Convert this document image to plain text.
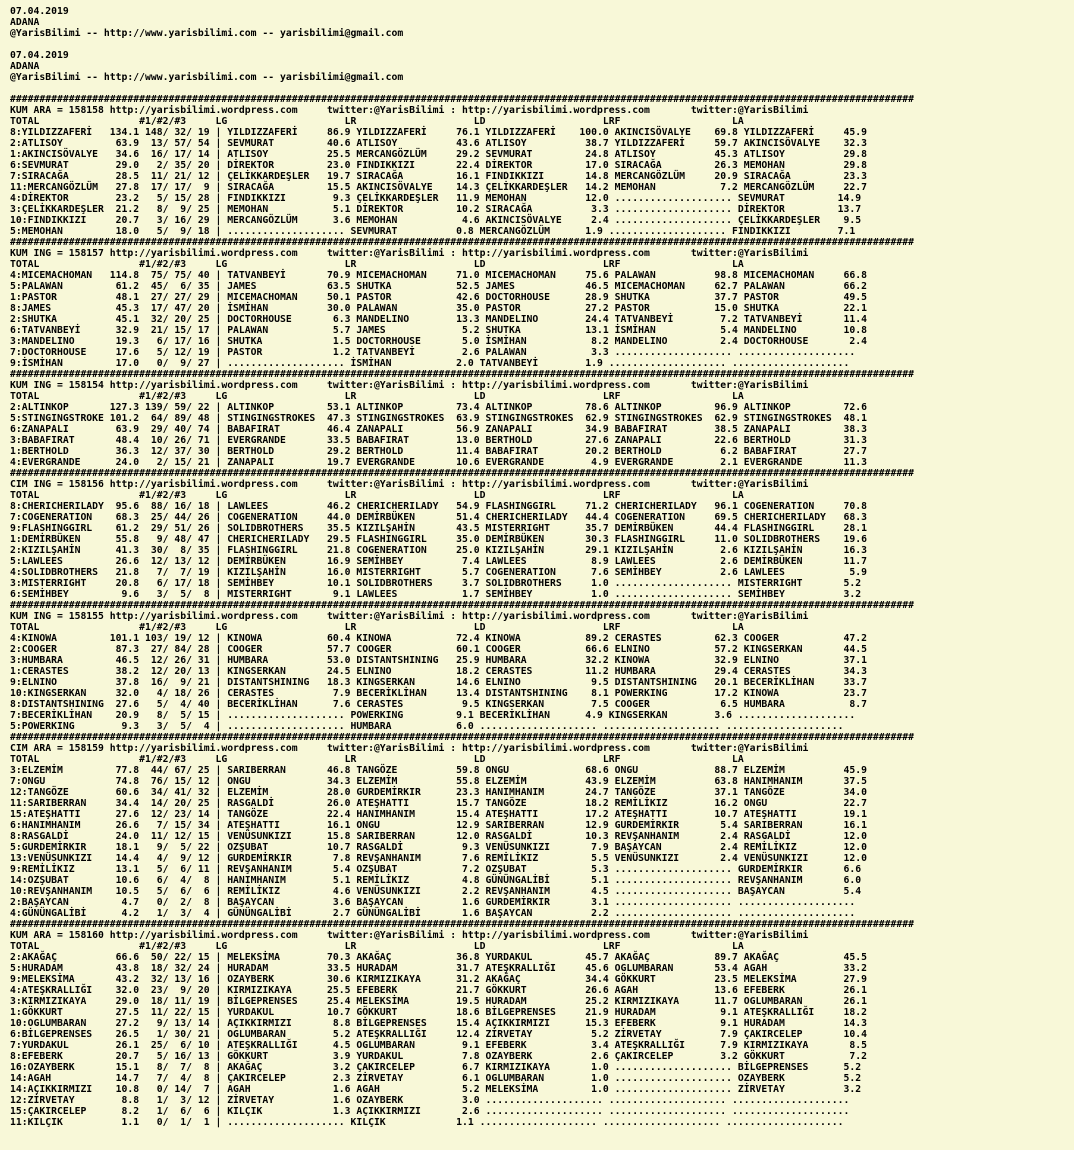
07.04.2019
ADANA
@YarisBilimi -- http://www.yarisbilimi.com -- yarisbilimi@gmail.com
07.04.2019
ADANA
@YarisBilimi -- http://www.yarisbilimi.com -- yarisbilimi@gmail.com
##########################################################################################################################################################
KUM ARA = 158158 http://yarisbilimi.wordpress.com     twitter:@YarisBilimi : http://yarisbilimi.wordpress.com       twitter:@YarisBilimi
TOTAL                 #1/#2/#3     LG                    LR                    LD                    LRF                   LA
8:YILDIZZAFERİ   134.1 148/ 32/ 19 | YILDIZZAFERİ     86.9 YILDIZZAFERİ     76.1 YILDIZZAFERİ    100.0 AKINCISÖVALYE    69.8 YILDIZZAFERİ     45.9
2:ATLISOY         63.9  13/ 57/ 54 | SEVMURAT         40.6 ATLISOY          43.6 ATLISOY          38.7 YILDIZZAFERİ     59.7 AKINCISÖVALYE    32.3
1:AKINCISÖVALYE   34.6  16/ 17/ 14 | ATLISOY          25.5 MERCANGÖZLÜM     29.2 SEVMURAT         24.8 ATLISOY          45.3 ATLISOY          29.8
6:SEVMURAT        29.0   2/ 35/ 20 | DİREKTOR         23.0 FINDIKKIZI       22.4 DİREKTOR         17.0 SIRACAĞA         26.3 MEMOHAN          29.8
7:SIRACAĞA        28.5  11/ 21/ 12 | ÇELİKKARDEŞLER   19.7 SIRACAĞA         16.1 FINDIKKIZI       14.8 MERCANGÖZLÜM     20.9 SIRACAĞA         23.3
11:MERCANGÖZLÜM   27.8  17/ 17/  9 | SIRACAĞA         15.5 AKINCISÖVALYE    14.3 ÇELİKKARDEŞLER   14.2 MEMOHAN           7.2 MERCANGÖZLÜM     22.7
4:DİREKTOR        23.2   5/ 15/ 28 | FINDIKKIZI        9.3 ÇELİKKARDEŞLER   11.9 MEMOHAN          12.0 .................... SEVMURAT         14.9
3:ÇELİKKARDEŞLER  21.2   8/  9/ 25 | MEMOHAN           5.1 DİREKTOR         10.2 SIRACAĞA          3.3 .................... DİREKTOR         13.7
10:FINDIKKIZI     20.7   3/ 16/ 29 | MERCANGÖZLÜM      3.6 MEMOHAN           4.6 AKINCISÖVALYE     2.4 .................... ÇELİKKARDEŞLER    9.5
5:MEMOHAN         18.0   5/  9/ 18 | .................... SEVMURAT          0.8 MERCANGÖZLÜM      1.9 .................... FINDIKKIZI        7.1
##########################################################################################################################################################
KUM ING = 158157 http://yarisbilimi.wordpress.com     twitter:@YarisBilimi : http://yarisbilimi.wordpress.com       twitter:@YarisBilimi
TOTAL                 #1/#2/#3     LG                    LR                    LD                    LRF                   LA
4:MICEMACHOMAN   114.8  75/ 75/ 40 | TATVANBEYİ       70.9 MICEMACHOMAN     71.0 MICEMACHOMAN     75.6 PALAWAN          98.8 MICEMACHOMAN     66.8
5:PALAWAN         61.2  45/  6/ 35 | JAMES            63.5 SHUTKA           52.5 JAMES            46.5 MICEMACHOMAN     62.7 PALAWAN          66.2
1:PASTOR          48.1  27/ 27/ 29 | MICEMACHOMAN     50.1 PASTOR           42.6 DOCTORHOUSE      28.9 SHUTKA           37.7 PASTOR           49.5
8:JAMES           45.3  17/ 47/ 20 | İSMİHAN          30.0 PALAWAN          35.0 PASTOR           27.2 PASTOR           15.0 SHUTKA           22.1
2:SHUTKA          45.1  32/ 20/ 25 | DOCTORHOUSE       6.3 MANDELINO        13.3 MANDELINO        24.4 TATVANBEYİ        7.2 TATVANBEYİ       11.4
6:TATVANBEYİ      32.9  21/ 15/ 17 | PALAWAN           5.7 JAMES             5.2 SHUTKA           13.1 İSMİHAN           5.4 MANDELINO        10.8
3:MANDELINO       19.3   6/ 17/ 16 | SHUTKA            1.5 DOCTORHOUSE       5.0 İSMİHAN           8.2 MANDELINO         2.4 DOCTORHOUSE       2.4
7:DOCTORHOUSE     17.6   5/ 12/ 19 | PASTOR            1.2 TATVANBEYİ        2.6 PALAWAN           3.3 .................... ....................
9:İSMİHAN         17.0   0/  9/ 27 | .................... İSMİHAN           2.0 TATVANBEYİ        1.9 .................... ....................
##########################################################################################################################################################
KUM ING = 158154 http://yarisbilimi.wordpress.com     twitter:@YarisBilimi : http://yarisbilimi.wordpress.com       twitter:@YarisBilimi
TOTAL                 #1/#2/#3     LG                    LR                    LD                    LRF                   LA
2:ALTINKOP       127.3 139/ 59/ 22 | ALTINKOP         53.1 ALTINKOP         73.4 ALTINKOP         78.6 ALTINKOP         96.9 ALTINKOP         72.6
5:STINGINGSTROKE 101.2  64/ 89/ 48 | STINGINGSTROKES  47.3 STINGINGSTROKES  63.9 STINGINGSTROKES  62.9 STINGINGSTROKES  62.9 STINGINGSTROKES  48.1
6:ZANAPALI        63.9  29/ 40/ 74 | BABAFIRAT        46.4 ZANAPALI         56.9 ZANAPALI         34.9 BABAFIRAT        38.5 ZANAPALI         38.3
3:BABAFIRAT       48.4  10/ 26/ 71 | EVERGRANDE       33.5 BABAFIRAT        13.0 BERTHOLD         27.6 ZANAPALI         22.6 BERTHOLD         31.3
1:BERTHOLD        36.3  12/ 37/ 30 | BERTHOLD         29.2 BERTHOLD         11.4 BABAFIRAT        20.2 BERTHOLD          6.2 BABAFIRAT        27.7
4:EVERGRANDE      24.0   2/ 15/ 21 | ZANAPALI         19.7 EVERGRANDE       10.6 EVERGRANDE        4.9 EVERGRANDE        2.1 EVERGRANDE       11.3
##########################################################################################################################################################
CIM ING = 158156 http://yarisbilimi.wordpress.com     twitter:@YarisBilimi : http://yarisbilimi.wordpress.com       twitter:@YarisBilimi
TOTAL                 #1/#2/#3     LG                    LR                    LD                    LRF                   LA
8:CHERICHERILADY  95.6  88/ 16/ 18 | LAWLEES          46.2 CHERICHERILADY   54.9 FLASHINGGIRL     71.2 CHERICHERILADY   96.1 COGENERATION     70.8
7:COGENERATION    68.3  25/ 44/ 26 | COGENERATION     44.0 DEMİRBÜKEN       51.4 CHERICHERILADY   44.4 COGENERATION     69.5 CHERICHERILADY   68.3
9:FLASHINGGIRL    61.2  29/ 51/ 26 | SOLIDBROTHERS    35.5 KIZILŞAHİN       43.5 MISTERRIGHT      35.7 DEMİRBÜKEN       44.4 FLASHINGGIRL     28.1
1:DEMİRBÜKEN      55.8   9/ 48/ 47 | CHERICHERILADY   29.5 FLASHINGGIRL     35.0 DEMİRBÜKEN       30.3 FLASHINGGIRL     11.0 SOLIDBROTHERS    19.6
2:KIZILŞAHİN      41.3  30/  8/ 35 | FLASHINGGIRL     21.8 COGENERATION     25.0 KIZILŞAHİN       29.1 KIZILŞAHİN        2.6 KIZILŞAHİN       16.3
5:LAWLEES         26.6  12/ 13/ 12 | DEMİRBÜKEN       16.9 SEMİHBEY          7.4 LAWLEES           8.9 LAWLEES           2.6 DEMİRBÜKEN       11.7
4:SOLIDBROTHERS   21.8   7/  7/ 19 | KIZILŞAHİN       16.0 MISTERRIGHT       5.7 COGENERATION      7.6 SEMİHBEY          2.6 LAWLEES           5.9
3:MISTERRIGHT     20.8   6/ 17/ 18 | SEMİHBEY         10.1 SOLIDBROTHERS     3.7 SOLIDBROTHERS     1.0 .................... MISTERRIGHT       5.2
6:SEMİHBEY         9.6   3/  5/  8 | MISTERRIGHT       9.1 LAWLEES           1.7 SEMİHBEY          1.0 .................... SEMİHBEY          3.2
##########################################################################################################################################################
KUM ING = 158155 http://yarisbilimi.wordpress.com     twitter:@YarisBilimi : http://yarisbilimi.wordpress.com       twitter:@YarisBilimi
TOTAL                 #1/#2/#3     LG                    LR                    LD                    LRF                   LA
4:KINOWA         101.1 103/ 19/ 12 | KINOWA           60.4 KINOWA           72.4 KINOWA           89.2 CERASTES         62.3 COOGER           47.2
2:COOGER          87.3  27/ 84/ 28 | COOGER           57.7 COOGER           60.1 COOGER           66.6 ELNINO           57.2 KINGSERKAN       44.5
3:HUMBARA         46.5  12/ 26/ 31 | HUMBARA          53.0 DISTANTSHINING   25.9 HUMBARA          32.2 KINOWA           32.9 ELNINO           37.1
1:CERASTES        38.2  12/ 20/ 13 | KINGSERKAN       24.5 ELNINO           18.2 CERASTES         11.2 HUMBARA          29.4 CERASTES         34.3
9:ELNINO          37.8  16/  9/ 21 | DISTANTSHINING   18.3 KINGSERKAN       14.6 ELNINO            9.5 DISTANTSHINING   20.1 BECERİKLİHAN     33.7
10:KINGSERKAN     32.0   4/ 18/ 26 | CERASTES          7.9 BECERİKLİHAN     13.4 DISTANTSHINING    8.1 POWERKING        17.2 KINOWA           23.7
8:DISTANTSHINING  27.6   5/  4/ 40 | BECERİKLİHAN      7.6 CERASTES          9.5 KINGSERKAN        7.5 COOGER            6.5 HUMBARA           8.7
7:BECERİKLİHAN    20.9   8/  5/ 15 | .................... POWERKING         9.1 BECERİKLİHAN      4.9 KINGSERKAN        3.6 ....................
5:POWERKING        9.3   3/  5/  4 | .................... HUMBARA           6.0 .................... .................... ....................
##########################################################################################################################################################
CIM ARA = 158159 http://yarisbilimi.wordpress.com     twitter:@YarisBilimi : http://yarisbilimi.wordpress.com       twitter:@YarisBilimi
TOTAL                 #1/#2/#3     LG                    LR                    LD                    LRF                   LA
3:ELZEMİM         77.8  44/ 67/ 25 | SARIBERRAN       46.8 TANGÖZE          59.8 ONGU             68.6 ONGU             88.7 ELZEMİM          45.9
7:ONGU            74.8  76/ 15/ 12 | ONGU             34.3 ELZEMİM          55.8 ELZEMİM          43.9 ELZEMİM          63.8 HANIMHANIM       37.5
12:TANGÖZE        60.6  34/ 41/ 32 | ELZEMİM          28.0 GURDEMİRKIR      23.3 HANIMHANIM       24.7 TANGÖZE          37.1 TANGÖZE          34.0
11:SARIBERRAN     34.4  14/ 20/ 25 | RASGALDİ         26.0 ATEŞHATTI        15.7 TANGÖZE          18.2 REMİLİKIZ        16.2 ONGU             22.7
15:ATEŞHATTI      27.6  12/ 23/ 14 | TANGÖZE          22.4 HANIMHANIM       15.4 ATEŞHATTI        17.2 ATEŞHATTI        10.7 ATEŞHATTI        19.1
6:HANIMHANIM      26.6   7/ 15/ 34 | ATEŞHATTI        16.1 ONGU             12.9 SARIBERRAN       12.9 GURDEMİRKIR       5.4 SARIBERRAN       16.1
8:RASGALDİ        24.0  11/ 12/ 15 | VENÜSUNKIZI      15.8 SARIBERRAN       12.0 RASGALDİ         10.3 REVŞANHANIM       2.4 RASGALDİ         12.0
5:GURDEMİRKIR     18.1   9/  5/ 22 | OZŞUBAT          10.7 RASGALDİ          9.3 VENÜSUNKIZI       7.9 BAŞAYCAN          2.4 REMİLİKIZ        12.0
13:VENÜSUNKIZI    14.4   4/  9/ 12 | GURDEMİRKIR       7.8 REVŞANHANIM       7.6 REMİLİKIZ         5.5 VENÜSUNKIZI       2.4 VENÜSUNKIZI      12.0
9:REMİLİKIZ       13.1   5/  6/ 11 | REVŞANHANIM       5.4 OZŞUBAT           7.2 OZŞUBAT           5.3 .................... GURDEMİRKIR       6.6
14:OZŞUBAT        10.6   6/  4/  8 | HANIMHANIM        5.1 REMİLİKIZ         4.8 GÜNÜNGALİBİ       5.1 .................... REVŞANHANIM       6.0
10:REVŞANHANIM    10.5   5/  6/  6 | REMİLİKIZ         4.6 VENÜSUNKIZI       2.2 REVŞANHANIM       4.5 .................... BAŞAYCAN          5.4
2:BAŞAYCAN         4.7   0/  2/  8 | BAŞAYCAN          3.6 BAŞAYCAN          1.6 GURDEMİRKIR       3.1 .................... ....................
4:GÜNÜNGALİBİ      4.2   1/  3/  4 | GÜNÜNGALİBİ       2.7 GÜNÜNGALİBİ       1.6 BAŞAYCAN          2.2 .................... ....................
##########################################################################################################################################################
KUM ARA = 158160 http://yarisbilimi.wordpress.com     twitter:@YarisBilimi : http://yarisbilimi.wordpress.com       twitter:@YarisBilimi
TOTAL                 #1/#2/#3     LG                    LR                    LD                    LRF                   LA
2:AKAĞAÇ          66.6  50/ 22/ 15 | MELEKSİMA        70.3 AKAĞAÇ           36.8 YURDAKUL         45.7 AKAĞAÇ           89.7 AKAĞAÇ           45.5
5:HURADAM         43.8  18/ 32/ 24 | HURADAM          33.5 HURADAM          31.7 ATEŞKRALLIĞI     45.6 OGLUMBARAN       53.4 AGAH             33.2
9:MELEKSİMA       43.2  32/ 13/ 16 | OZAYBERK         30.6 KIRMIZIKAYA      31.2 AKAĞAÇ           34.4 GÖKKURT          23.5 MELEKSİMA        27.9
4:ATEŞKRALLIĞI    32.0  23/  9/ 20 | KIRMIZIKAYA      25.5 EFEBERK          21.7 GÖKKURT          26.6 AGAH             13.6 EFEBERK          26.1
3:KIRMIZIKAYA     29.0  18/ 11/ 19 | BİLGEPRENSES     25.4 MELEKSİMA        19.5 HURADAM          25.2 KIRMIZIKAYA      11.7 OGLUMBARAN       26.1
1:GÖKKURT         27.5  11/ 22/ 15 | YURDAKUL         10.7 GÖKKURT          18.6 BİLGEPRENSES     21.9 HURADAM           9.1 ATEŞKRALLIĞI     18.2
10:OGLUMBARAN     27.2   9/ 13/ 14 | AÇIKKIRMIZI       8.8 BİLGEPRENSES     15.4 AÇIKKIRMIZI      15.3 EFEBERK           9.1 HURADAM          14.3
6:BİLGEPRENSES    26.5   1/ 30/ 21 | OGLUMBARAN        5.2 ATEŞKRALLIĞI     12.4 ZİRVETAY          5.2 ZİRVETAY          7.9 ÇAKIRCELEP       10.4
7:YURDAKUL        26.1  25/  6/ 10 | ATEŞKRALLIĞI      4.5 OGLUMBARAN        9.1 EFEBERK           3.4 ATEŞKRALLIĞI      7.9 KIRMIZIKAYA       8.5
8:EFEBERK         20.7   5/ 16/ 13 | GÖKKURT           3.9 YURDAKUL          7.8 OZAYBERK          2.6 ÇAKIRCELEP        3.2 GÖKKURT           7.2
16:OZAYBERK       15.1   8/  7/  8 | AKAĞAÇ            3.2 ÇAKIRCELEP        6.7 KIRMIZIKAYA       1.0 .................... BİLGEPRENSES      5.2
14:AGAH           14.7   7/  4/  8 | ÇAKIRCELEP        2.3 ZİRVETAY          6.1 OGLUMBARAN        1.0 .................... OZAYBERK          5.2
14:AÇIKKIRMIZI    10.8   0/ 14/  7 | AGAH              1.6 AGAH              5.2 MELEKSİMA         1.0 .................... ZİRVETAY          3.2
12:ZİRVETAY        8.8   1/  3/ 12 | ZİRVETAY          1.6 OZAYBERK          3.0 .................... .................... ....................
15:ÇAKIRCELEP      8.2   1/  6/  6 | KILÇIK            1.3 AÇIKKIRMIZI       2.6 .................... .................... ....................
11:KILÇIK          1.1   0/  1/  1 | .................... KILÇIK            1.1 .................... .................... ....................
